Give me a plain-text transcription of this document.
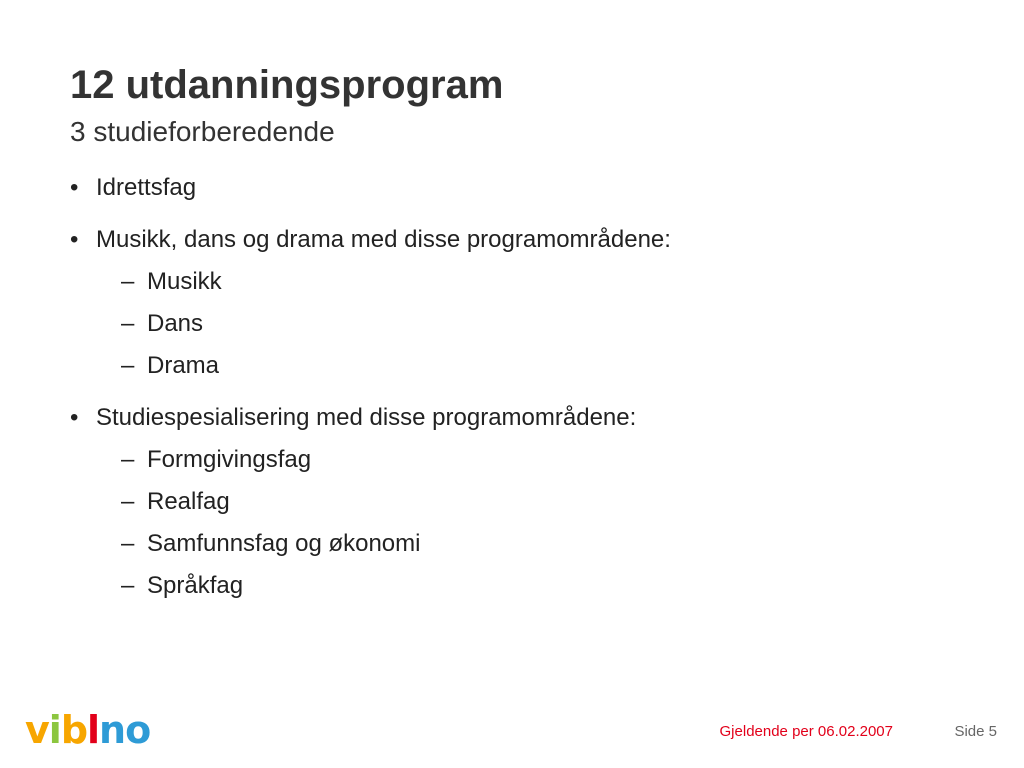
12 utdanningsprogram
3 studieforberedende
• Idrettsfag
• Musikk, dans og drama med disse programområdene:
– Musikk
– Dans
– Drama
• Studiespesialisering med disse programområdene:
– Formgivingsfag
– Realfag
– Samfunnsfag og økonomi
– Språkfag
viblno	Gjeldende per 06.02.2007	Side 5
